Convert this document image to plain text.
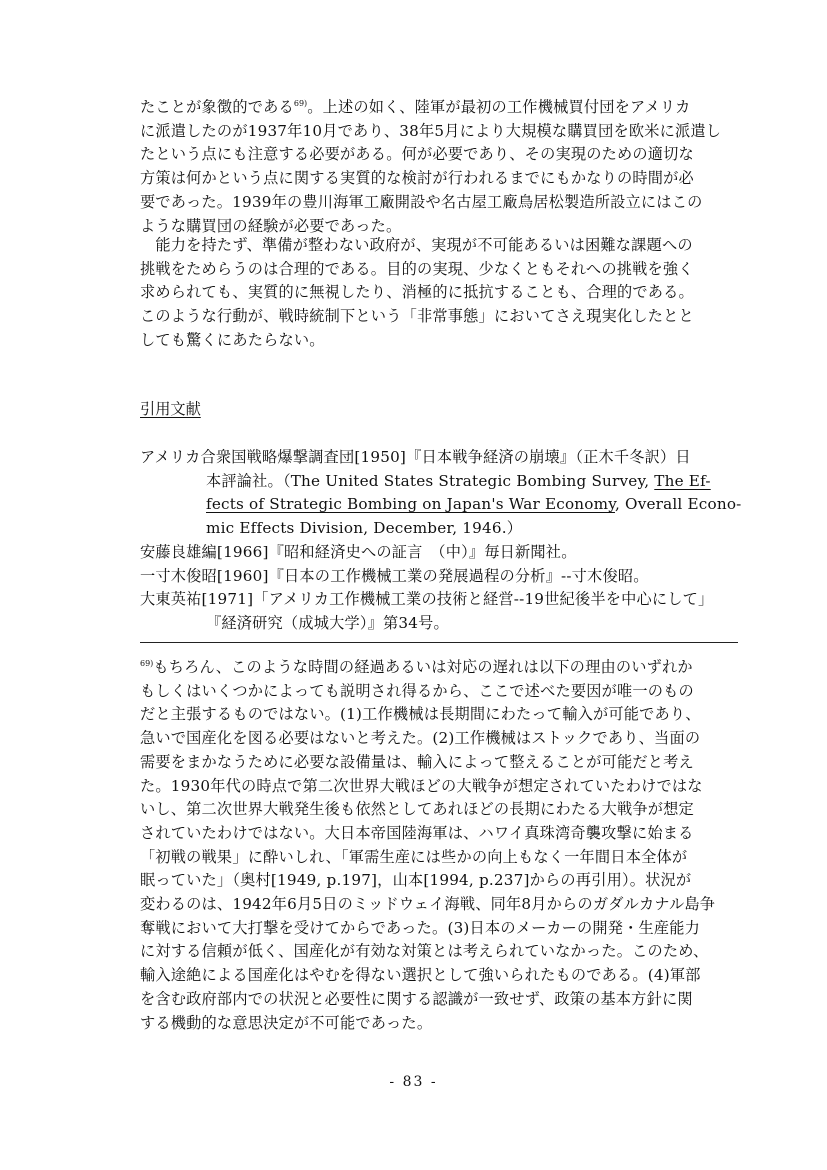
たことが象徴的である$^{69)}$。上述の如く、陸軍が最初の工作機械買付団をアメリカ
に派遣したのが1937年10月であり、38年5月により大規模な購買団を欧米に派遣し
たという点にも注意する必要がある。何が必要であり、その実現のための適切な
方策は何かという点に関する実質的な検討が行われるまでにもかなりの時間が必
要であった。1939年の豊川海軍工廠開設や名古屋工廠鳥居松製造所設立にはこの
ような購買団の経験が必要であった。
　能力を持たず、準備が整わない政府が、実現が不可能あるいは困難な課題への
挑戦をためらうのは合理的である。目的の実現、少なくともそれへの挑戦を強く
求められても、実質的に無視したり、消極的に抵抗することも、合理的である。
このような行動が、戦時統制下という「非常事態」においてさえ現実化したとと
しても驚くにあたらない。
引用文献
アメリカ合衆国戦略爆撃調査団[1950]『日本戦争経済の崩壊』（正木千冬訳）日
本評論社。（The United States Strategic Bombing Survey, The Ef-
fects of Strategic Bombing on Japan's War Economy, Overall Econo-
mic Effects Division, December, 1946.）
安藤良雄編[1966]『昭和経済史への証言　（中）』毎日新聞社。
一寸木俊昭[1960]『日本の工作機械工業の発展過程の分析』--寸木俊昭。
大東英祐[1971]「アメリカ工作機械工業の技術と経営--19世紀後半を中心にして」
『経済研究（成城大学）』第34号。
$^{69)}$もちろん、このような時間の経過あるいは対応の遅れは以下の理由のいずれか
もしくはいくつかによっても説明され得るから、ここで述べた要因が唯一のもの
だと主張するものではない。(1)工作機械は長期間にわたって輸入が可能であり、
急いで国産化を図る必要はないと考えた。(2)工作機械はストックであり、当面の
需要をまかなうために必要な設備量は、輸入によって整えることが可能だと考え
た。1930年代の時点で第二次世界大戦ほどの大戦争が想定されていたわけではな
いし、第二次世界大戦発生後も依然としてあれほどの長期にわたる大戦争が想定
されていたわけではない。大日本帝国陸海軍は、ハワイ真珠湾奇襲攻撃に始まる
「初戦の戦果」に酔いしれ、「軍需生産には些かの向上もなく一年間日本全体が
眠っていた」（奥村[1949, p.197]，山本[1994, p.237]からの再引用）。状況が
変わるのは、1942年6月5日のミッドウェイ海戦、同年8月からのガダルカナル島争
奪戦において大打撃を受けてからであった。(3)日本のメーカーの開発・生産能力
に対する信頼が低く、国産化が有効な対策とは考えられていなかった。このため、
輸入途絶による国産化はやむを得ない選択として強いられたものである。(4)軍部
を含む政府部内での状況と必要性に関する認識が一致せず、政策の基本方針に関
する機動的な意思決定が不可能であった。
- 83 -
